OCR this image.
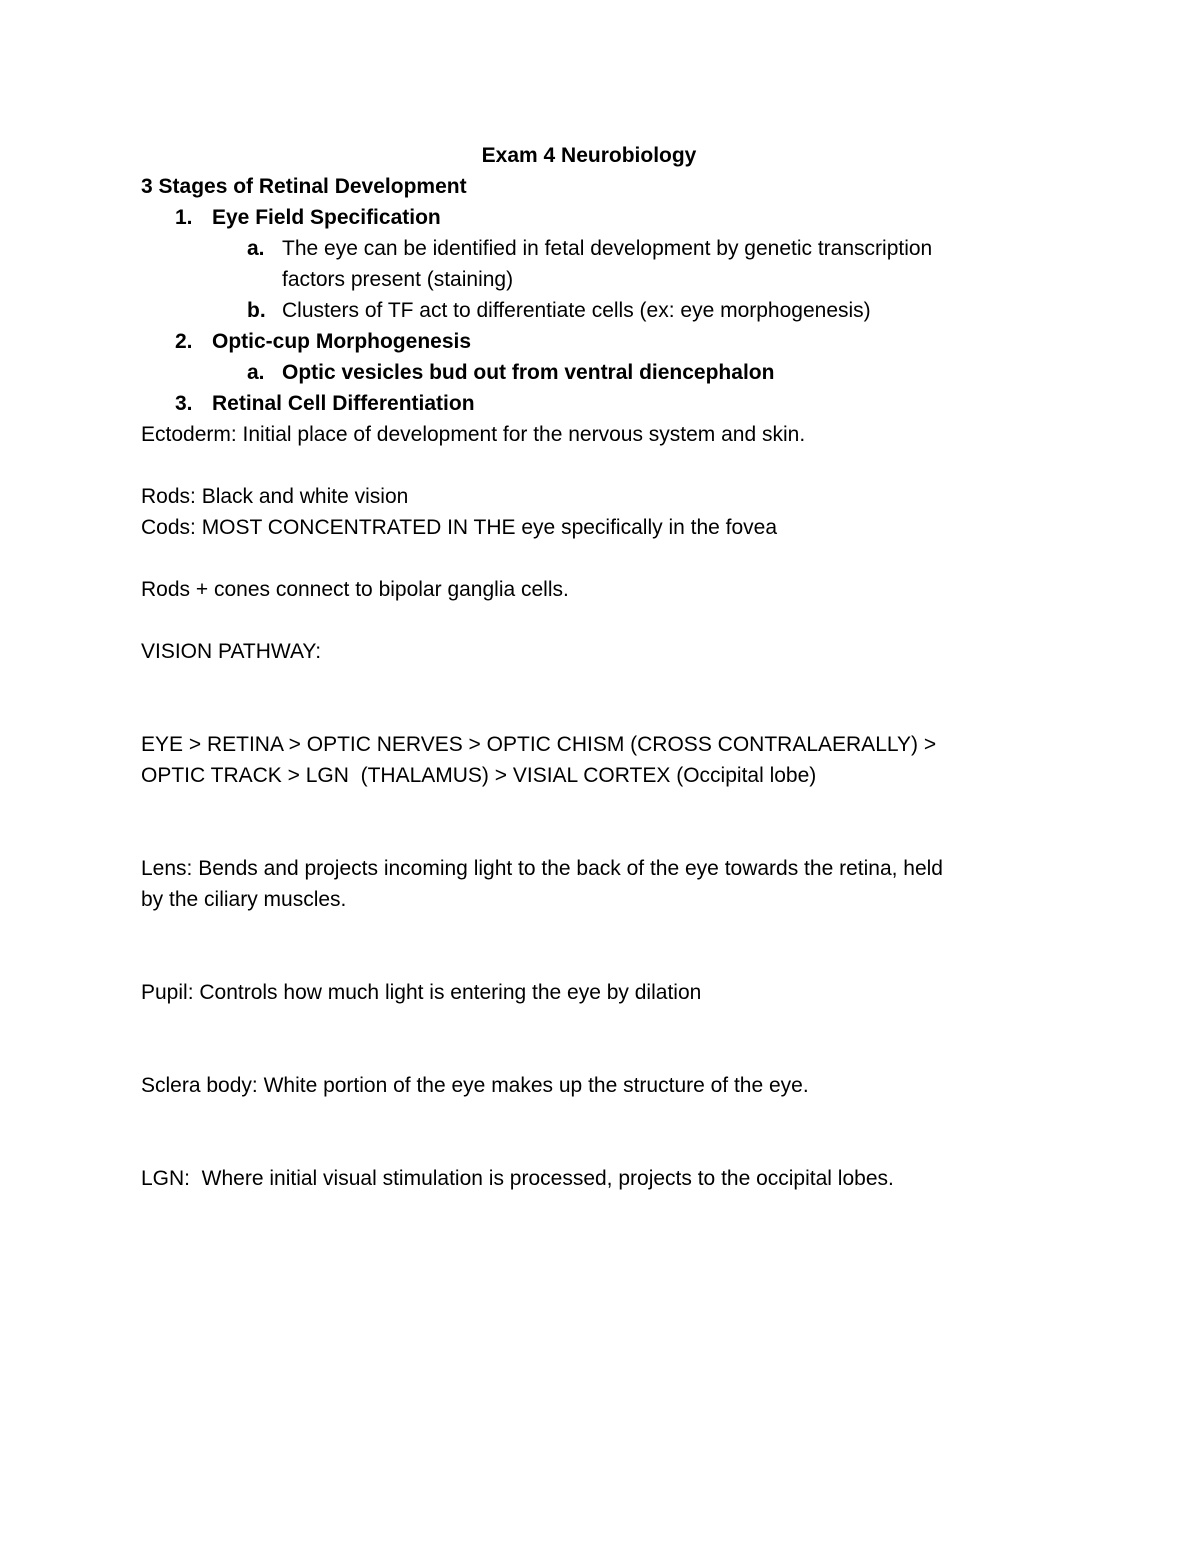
Exam 4 Neurobiology
3 Stages of Retinal Development
1. Eye Field Specification
a. The eye can be identified in fetal development by genetic transcription
factors present (staining)
b. Clusters of TF act to differentiate cells (ex: eye morphogenesis)
2. Optic-cup Morphogenesis
a. Optic vesicles bud out from ventral diencephalon
3. Retinal Cell Differentiation
Ectoderm: Initial place of development for the nervous system and skin.
Rods: Black and white vision
Cods: MOST CONCENTRATED IN THE eye specifically in the fovea
Rods + cones connect to bipolar ganglia cells.
VISION PATHWAY:
EYE > RETINA > OPTIC NERVES > OPTIC CHISM (CROSS CONTRALAERALLY) >
OPTIC TRACK > LGN  (THALAMUS) > VISIAL CORTEX (Occipital lobe)
Lens: Bends and projects incoming light to the back of the eye towards the retina, held
by the ciliary muscles.
Pupil: Controls how much light is entering the eye by dilation
Sclera body: White portion of the eye makes up the structure of the eye.
LGN:  Where initial visual stimulation is processed, projects to the occipital lobes.
